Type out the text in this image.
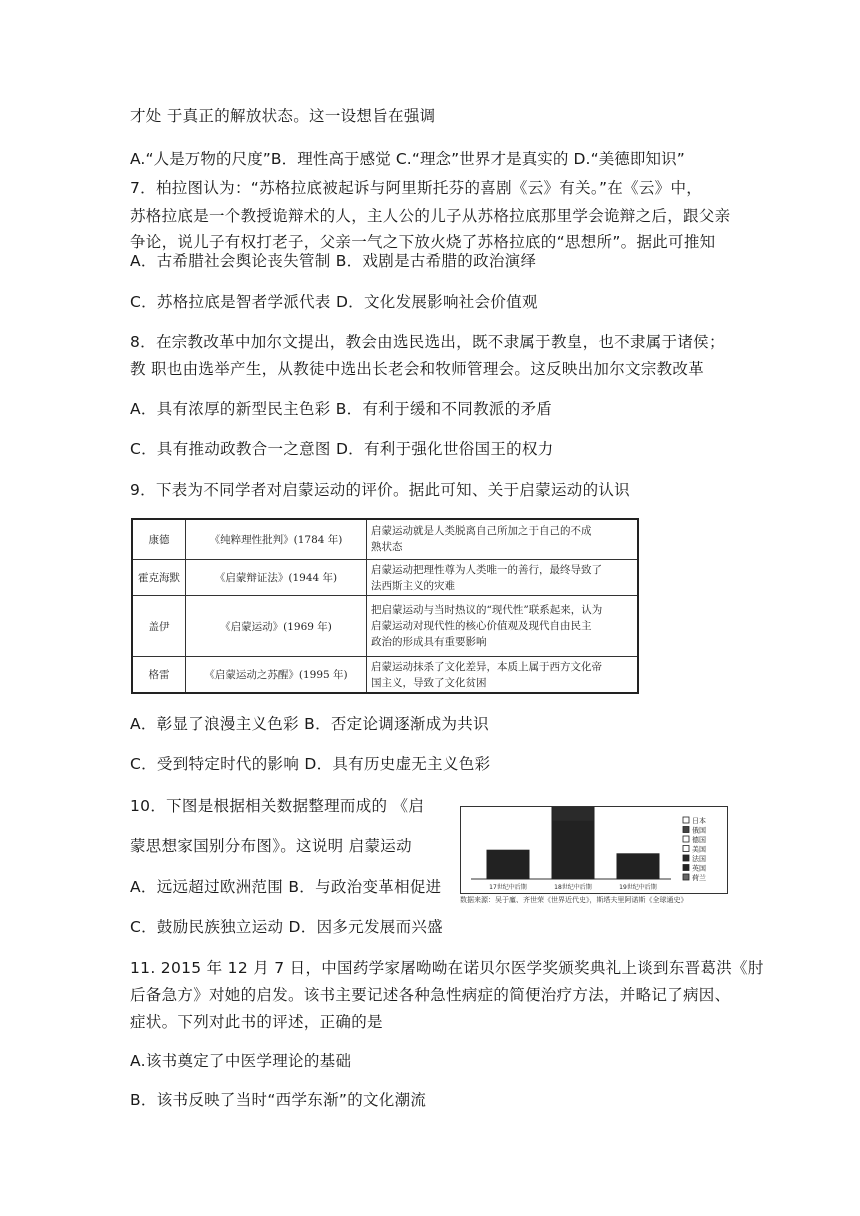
才处 于真正的解放状态。这一设想旨在强调
A.“人是万物的尺度”B．理性高于感觉 C.“理念”世界才是真实的 D.“美德即知识”
7．柏拉图认为：“苏格拉底被起诉与阿里斯托芬的喜剧《云》有关。”在《云》中，
苏格拉底是一个教授诡辩术的人，主人公的儿子从苏格拉底那里学会诡辩之后，跟父亲
争论，说儿子有权打老子，父亲一气之下放火烧了苏格拉底的“思想所”。据此可推知
A．古希腊社会舆论丧失管制 B．戏剧是古希腊的政治演绎
C．苏格拉底是智者学派代表 D．文化发展影响社会价值观
8．在宗教改革中加尔文提出，教会由选民选出，既不隶属于教皇，也不隶属于诸侯；
教 职也由选举产生，从教徒中选出长老会和牧师管理会。这反映出加尔文宗教改革
A．具有浓厚的新型民主色彩 B．有利于缓和不同教派的矛盾
C．具有推动政教合一之意图 D．有利于强化世俗国王的权力
9．下表为不同学者对启蒙运动的评价。据此可知、关于启蒙运动的认识
康德	《纯粹理性批判》(1784 年)	启蒙运动就是人类脱离自己所加之于自己的不成
熟状态
霍克海默	《启蒙辩证法》(1944 年)	启蒙运动把理性尊为人类唯一的善行，最终导致了
法西斯主义的灾难
盖伊	《启蒙运动》(1969 年)	把启蒙运动与当时热议的“现代性”联系起来，认为
启蒙运动对现代性的核心价值观及现代自由民主
政治的形成具有重要影响
格雷	《启蒙运动之苏醒》(1995 年)	启蒙运动抹杀了文化差异，本质上属于西方文化帝
国主义，导致了文化贫困
A．彰显了浪漫主义色彩 B．否定论调逐渐成为共识
C．受到特定时代的影响 D．具有历史虚无主义色彩
10．下图是根据相关数据整理而成的 《启
蒙思想家国别分布图》。这说明 启蒙运动
A．远远超过欧洲范围 B．与政治变革相促进
C．鼓励民族独立运动 D．因多元发展而兴盛
11. 2015 年 12 月 7 日，中国药学家屠呦呦在诺贝尔医学奖颁奖典礼上谈到东晋葛洪《肘
后备急方》对她的启发。该书主要记述各种急性病症的简便治疗方法，并略记了病因、
症状。下列对此书的评述，正确的是
A.该书奠定了中医学理论的基础
B．该书反映了当时“西学东渐”的文化潮流
17世纪中后期	18世纪中后期	19世纪中后期
日本
俄国
德国
美国
法国
英国
荷兰
数据来源：吴于廑、齐世荣《世界近代史》，斯塔夫里阿诺斯《全球通史》
